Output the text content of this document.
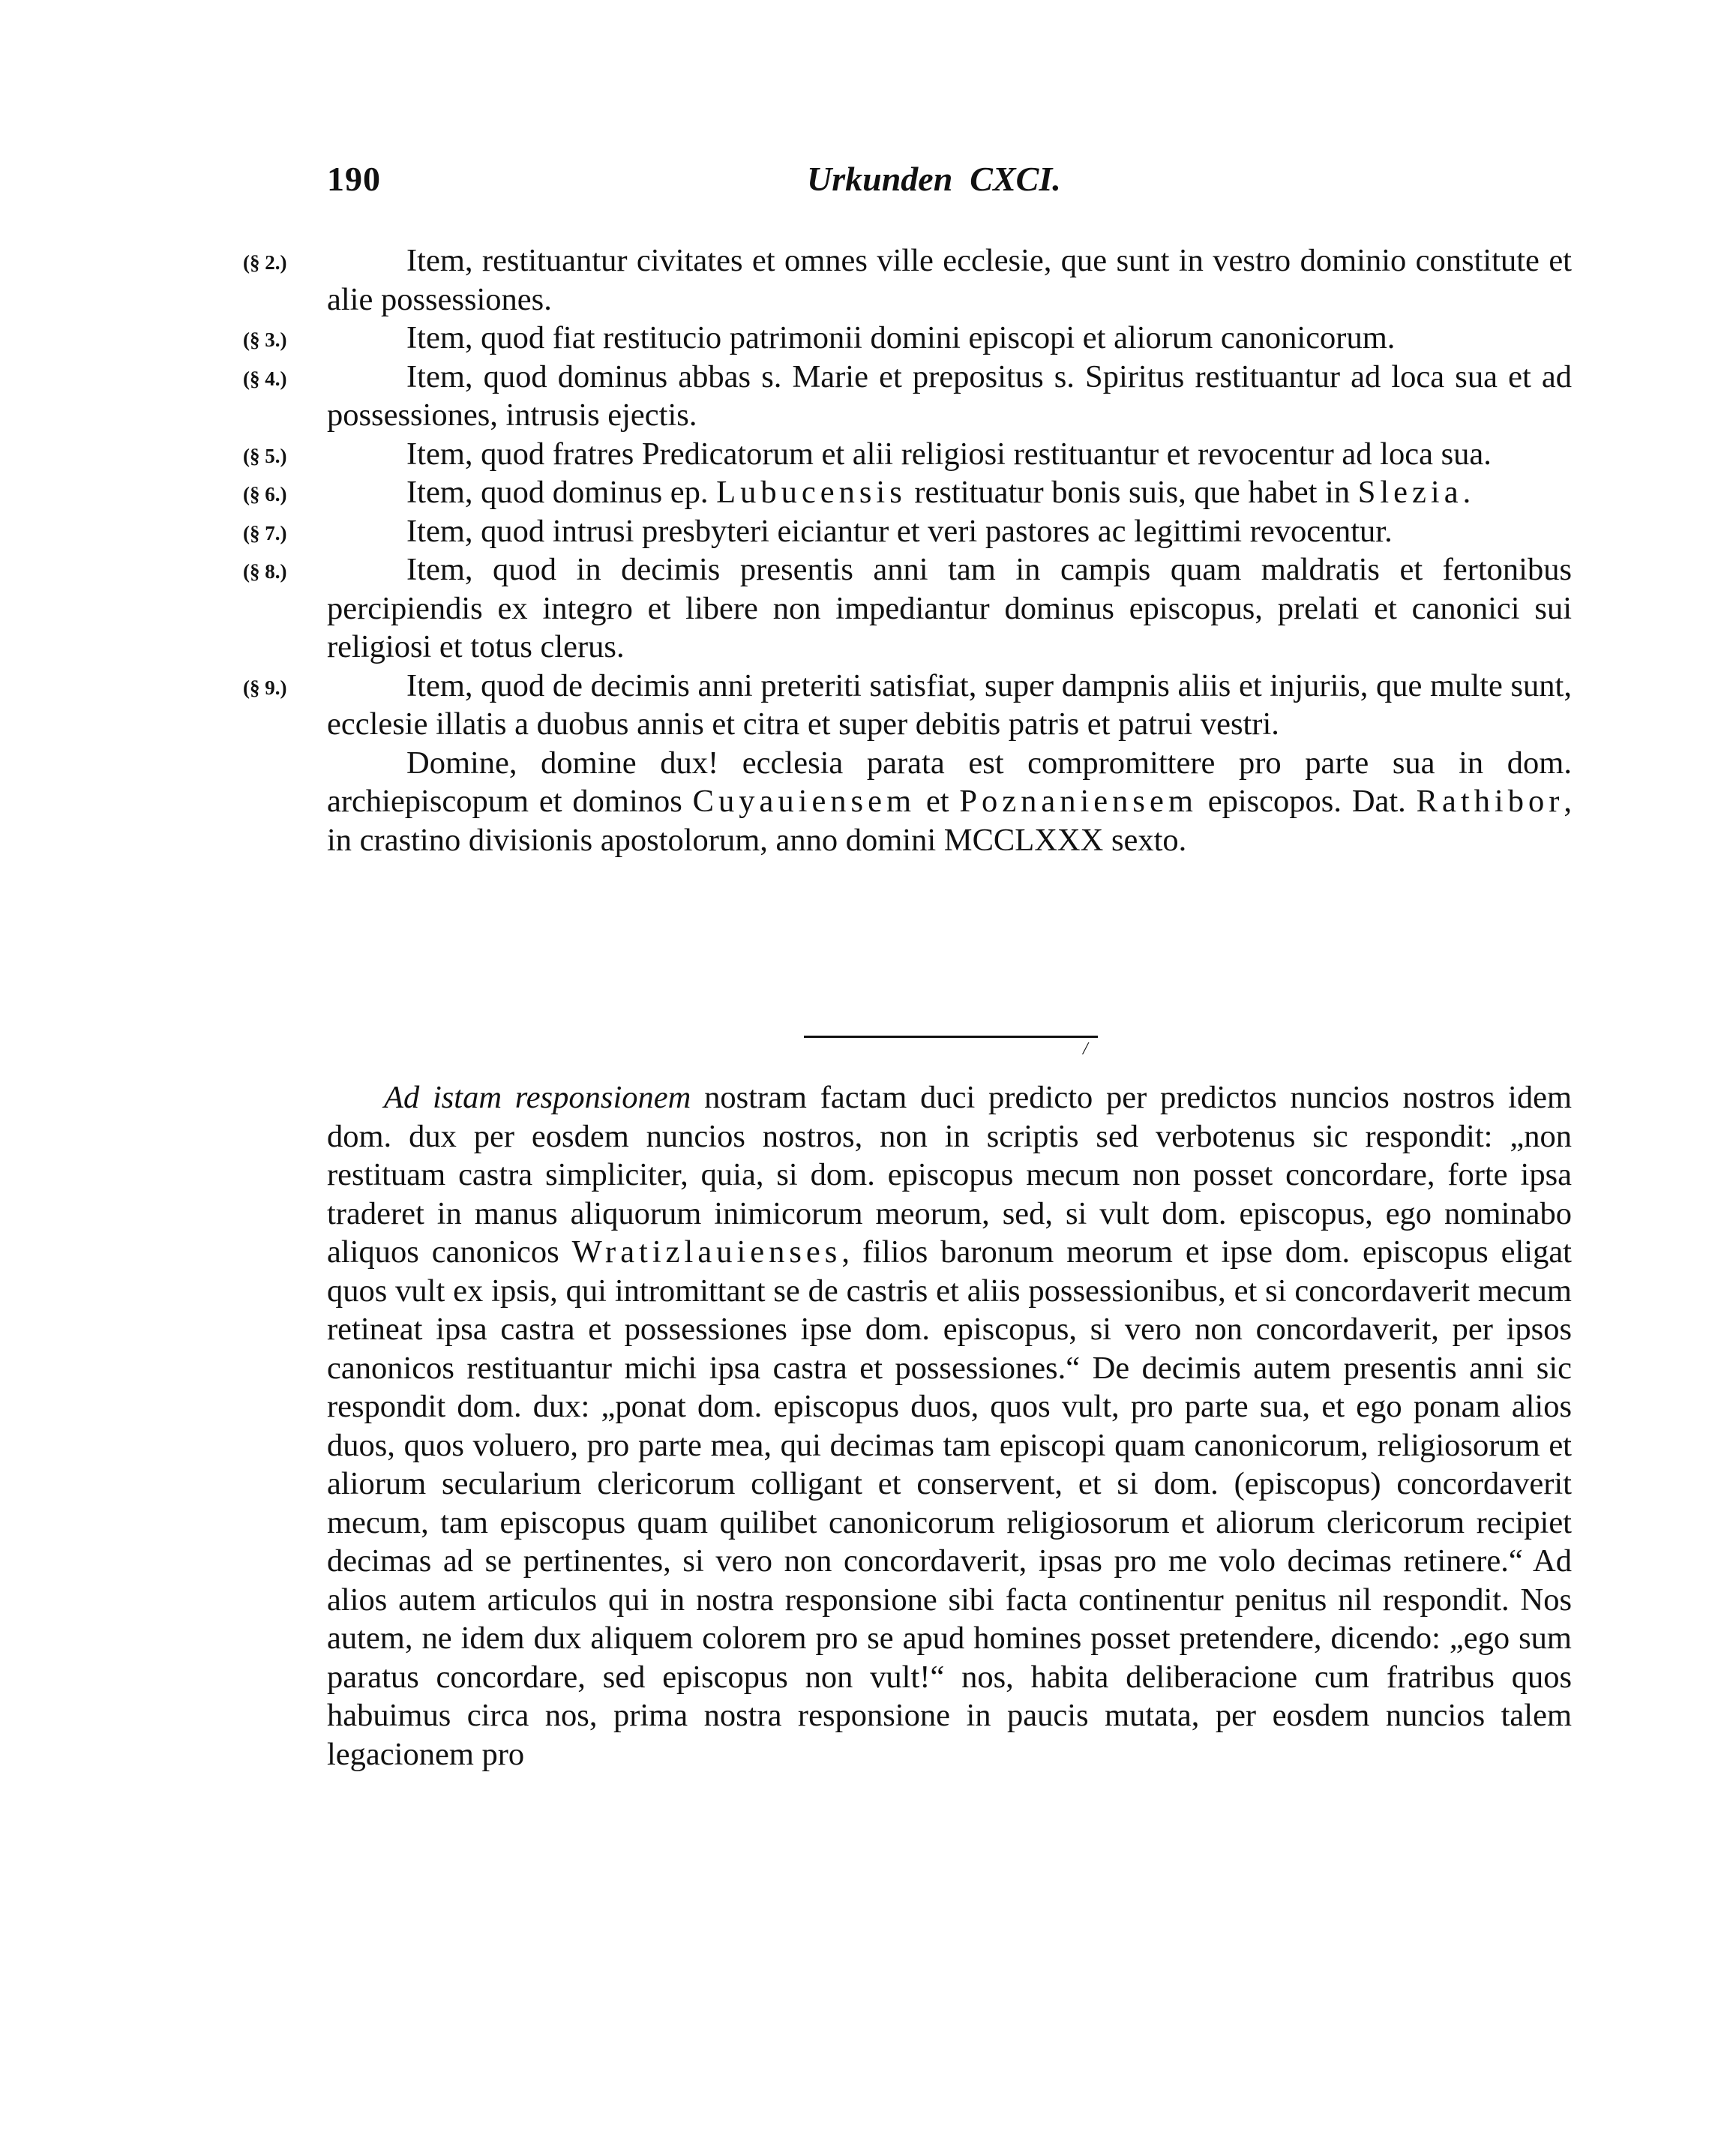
190	Urkunden  CXCI.

(§ 2.)	Item, restituantur civitates et omnes ville ecclesie, que sunt in vestro dominio constitute et alie possessiones.

(§ 3.)	Item, quod fiat restitucio patrimonii domini episcopi et aliorum canonicorum.

(§ 4.)	Item, quod dominus abbas s. Marie et prepositus s. Spiritus restituantur ad loca sua et ad possessiones, intrusis ejectis.

(§ 5.)	Item, quod fratres Predicatorum et alii religiosi restituantur et revocentur ad loca sua.

(§ 6.)	Item, quod dominus ep. Lubucensis restituatur bonis suis, que habet in Slezia.

(§ 7.)	Item, quod intrusi presbyteri eiciantur et veri pastores ac legittimi revocentur.

(§ 8.)	Item, quod in decimis presentis anni tam in campis quam maldratis et fertonibus percipiendis ex integro et libere non impediantur dominus episcopus, prelati et canonici sui religiosi et totus clerus.

(§ 9.)	Item, quod de decimis anni preteriti satisfiat, super dampnis aliis et injuriis, que multe sunt, ecclesie illatis a duobus annis et citra et super debitis patris et patrui vestri.

Domine, domine dux! ecclesia parata est compromittere pro parte sua in dom. archiepiscopum et dominos Cuyauiensem et Poznaniensem episcopos. Dat. Rathibor, in crastino divisionis apostolorum, anno domini MCCLXXX sexto.

/

Ad istam responsionem nostram factam duci predicto per predictos nuncios nostros idem dom. dux per eosdem nuncios nostros, non in scriptis sed verbotenus sic respondit: „non restituam castra simpliciter, quia, si dom. episcopus mecum non posset concordare, forte ipsa traderet in manus aliquorum inimicorum meorum, sed, si vult dom. episcopus, ego nominabo aliquos canonicos Wratizlauienses, filios baronum meorum et ipse dom. episcopus eligat quos vult ex ipsis, qui intromittant se de castris et aliis possessionibus, et si concordaverit mecum retineat ipsa castra et possessiones ipse dom. episcopus, si vero non concordaverit, per ipsos canonicos restituantur michi ipsa castra et possessiones.“ De decimis autem presentis anni sic respondit dom. dux: „ponat dom. episcopus duos, quos vult, pro parte sua, et ego ponam alios duos, quos voluero, pro parte mea, qui decimas tam episcopi quam canonicorum, religiosorum et aliorum secularium clericorum colligant et conservent, et si dom. (episcopus) concordaverit mecum, tam episcopus quam quilibet canonicorum religiosorum et aliorum clericorum recipiet decimas ad se pertinentes, si vero non concordaverit, ipsas pro me volo decimas retinere.“ Ad alios autem articulos qui in nostra responsione sibi facta continentur penitus nil respondit. Nos autem, ne idem dux aliquem colorem pro se apud homines posset pretendere, dicendo: „ego sum paratus concordare, sed episcopus non vult!“ nos, habita deliberacione cum fratribus quos habuimus circa nos, prima nostra responsione in paucis mutata, per eosdem nuncios talem legacionem pro
